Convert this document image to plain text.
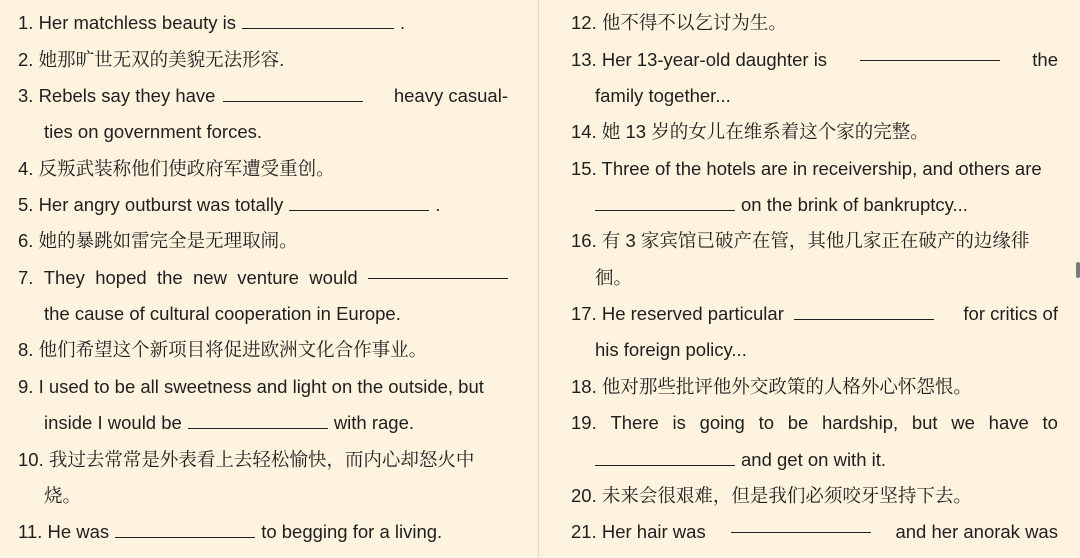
1. Her matchless beauty is	.
2. 她那旷世无双的美貌无法形容.
3. Rebels say they have	heavy casual-
ties on government forces.
4. 反叛武装称他们使政府军遭受重创。
5. Her angry outburst was totally	.
6. 她的暴跳如雷完全是无理取闹。
7. They hoped the new venture would
the cause of cultural cooperation in Europe.
8. 他们希望这个新项目将促进欧洲文化合作事业。
9. I used to be all sweetness and light on the outside, but
inside I would be	with rage.
10. 我过去常常是外表看上去轻松愉快，而内心却怒火中
烧。
11. He was	to begging for a living.
12. 他不得不以乞讨为生。
13. Her 13-year-old daughter is	the
family together...
14. 她 13 岁的女儿在维系着这个家的完整。
15. Three of the hotels are in receivership, and others are
on the brink of bankruptcy...
16. 有 3 家宾馆已破产在管，其他几家正在破产的边缘徘
徊。
17. He reserved particular	for critics of
his foreign policy...
18. 他对那些批评他外交政策的人格外心怀怨恨。
19. There is going to be hardship, but we have to
and get on with it.
20. 未来会很艰难，但是我们必须咬牙坚持下去。
21. Her hair was	and her anorak was
